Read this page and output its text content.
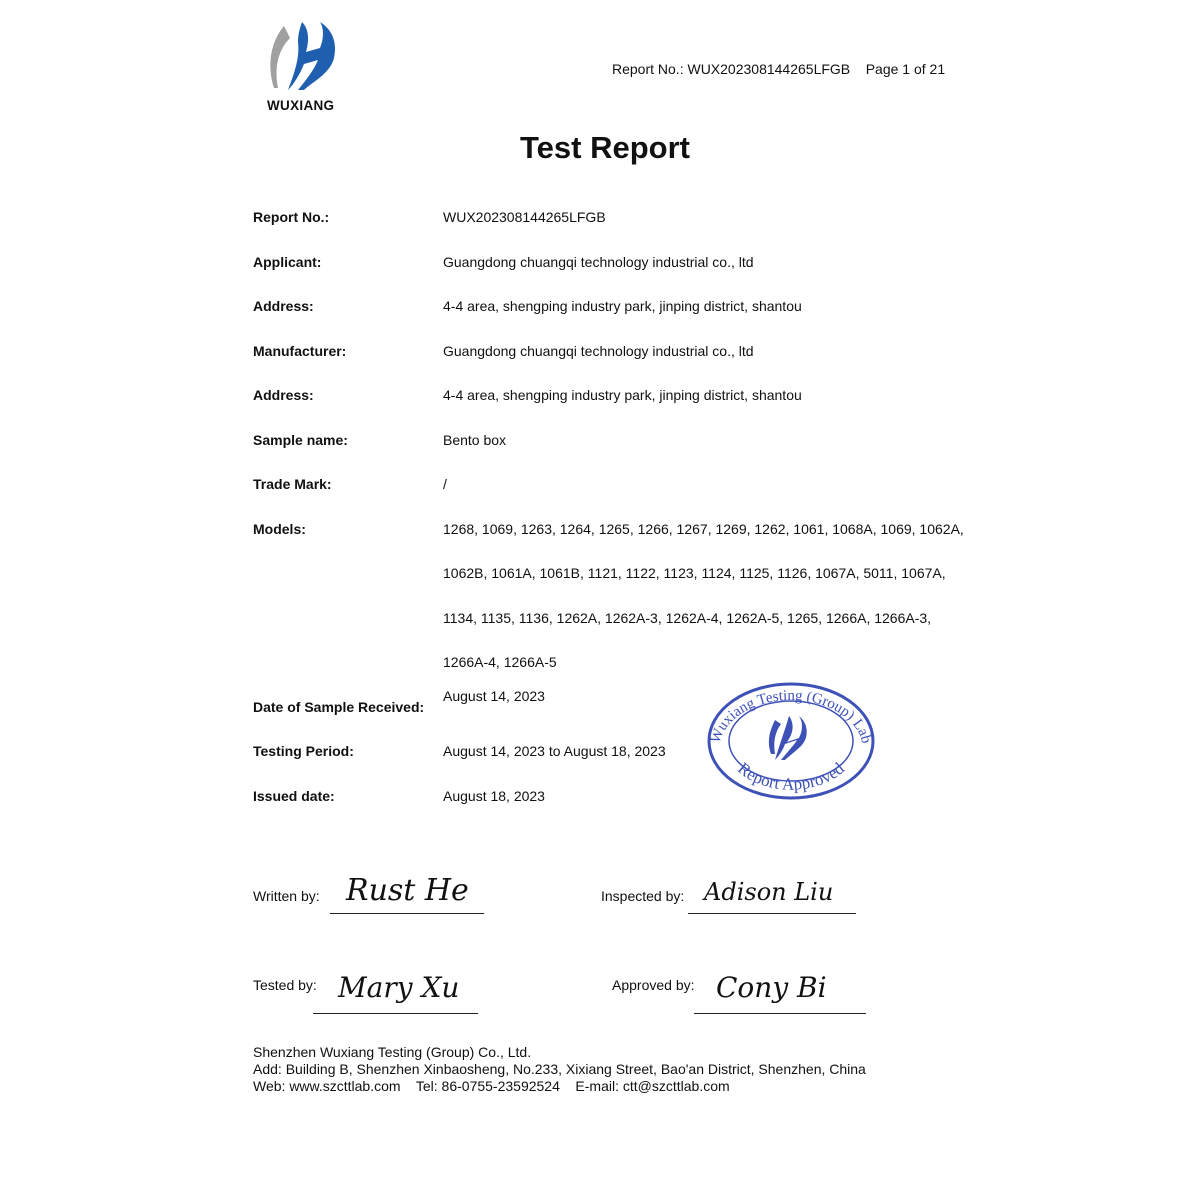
WUXIANG
Report No.: WUX202308144265LFGB Page 1 of 21
Test Report
Report No.:	WUX202308144265LFGB
Applicant:	Guangdong chuangqi technology industrial co., ltd
Address:	4-4 area, shengping industry park, jinping district, shantou
Manufacturer:	Guangdong chuangqi technology industrial co., ltd
Address:	4-4 area, shengping industry park, jinping district, shantou
Sample name:	Bento box
Trade Mark:	/
Models:	1268, 1069, 1263, 1264, 1265, 1266, 1267, 1269, 1262, 1061, 1068A, 1069, 1062A,
1062B, 1061A, 1061B, 1121, 1122, 1123, 1124, 1125, 1126, 1067A, 5011, 1067A,
1134, 1135, 1136, 1262A, 1262A-3, 1262A-4, 1262A-5, 1265, 1266A, 1266A-3,
1266A-4, 1266A-5
Date of Sample Received:
August 14, 2023
Testing Period:	August 14, 2023 to August 18, 2023
Issued date:	August 18, 2023
Wuxiang Testing (Group) Lab
Report Approved
Written by: Rust He	Inspected by: Adison Liu
Tested by: Mary Xu	Approved by: Cony Bi
Shenzhen Wuxiang Testing (Group) Co., Ltd.
Add: Building B, Shenzhen Xinbaosheng, No.233, Xixiang Street, Bao'an District, Shenzhen, China
Web: www.szcttlab.com    Tel: 86-0755-23592524    E-mail: ctt@szcttlab.com
